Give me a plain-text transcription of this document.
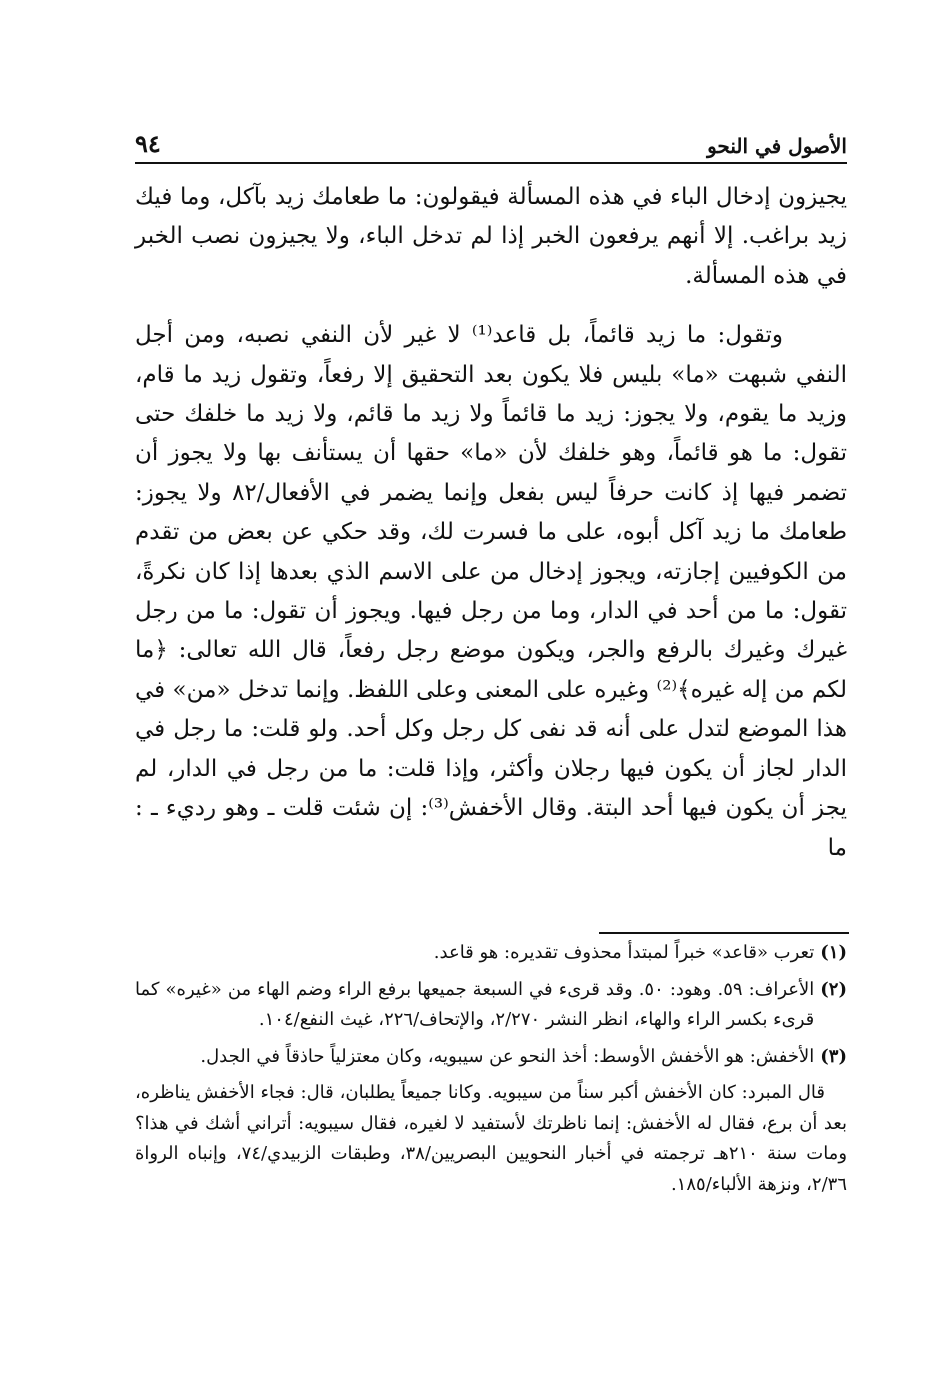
الأصول في النحو
٩٤

يجيزون إدخال الباء في هذه المسألة فيقولون: ما طعامك زيد بآكل، وما فيك زيد براغب. إلا أنهم يرفعون الخبر إذا لم تدخل الباء، ولا يجيزون نصب الخبر في هذه المسألة.

وتقول: ما زيد قائماً، بل قاعد⁽¹⁾ لا غير لأن النفي نصبه، ومن أجل النفي شبهت «ما» بليس فلا يكون بعد التحقيق إلا رفعاً، وتقول زيد ما قام، وزيد ما يقوم، ولا يجوز: زيد ما قائماً ولا زيد ما قائم، ولا زيد ما خلفك حتى تقول: ما هو قائماً، وهو خلفك لأن «ما» حقها أن يستأنف بها ولا يجوز أن تضمر فيها إذ كانت حرفاً ليس بفعل وإنما يضمر في الأفعال/٨٢ ولا يجوز: طعامك ما زيد آكل أبوه، على ما فسرت لك، وقد حكي عن بعض من تقدم من الكوفيين إجازته، ويجوز إدخال من على الاسم الذي بعدها إذا كان نكرةً، تقول: ما من أحد في الدار، وما من رجل فيها. ويجوز أن تقول: ما من رجل غيرك وغيرك بالرفع والجر، ويكون موضع رجل رفعاً، قال الله تعالى: ﴿ما لكم من إله غيره﴾⁽²⁾ وغيره على المعنى وعلى اللفظ. وإنما تدخل «من» في هذا الموضع لتدل على أنه قد نفى كل رجل وكل أحد. ولو قلت: ما رجل في الدار لجاز أن يكون فيها رجلان وأكثر، وإذا قلت: ما من رجل في الدار، لم يجز أن يكون فيها أحد البتة. وقال الأخفش⁽³⁾: إن شئت قلت ـ وهو رديء ـ : ما

(١)
تعرب «قاعد» خبراً لمبتدأ محذوف تقديره: هو قاعد.
(٢)
الأعراف: ٥٩. وهود: ٥٠. وقد قرىء في السبعة جميعها برفع الراء وضم الهاء من «غيره» كما قرىء بكسر الراء والهاء، انظر النشر ٢/٢٧٠، والإتحاف/٢٢٦، غيث النفع/١٠٤.
(٣)
الأخفش: هو الأخفش الأوسط: أخذ النحو عن سيبويه، وكان معتزلياً حاذقاً في الجدل.

قال المبرد: كان الأخفش أكبر سناً من سيبويه. وكانا جميعاً يطلبان، قال: فجاء الأخفش يناظره، بعد أن برع، فقال له الأخفش: إنما ناظرتك لأستفيد لا لغيره، فقال سيبويه: أتراني أشك في هذا؟ ومات سنة ٢١٠هـ ترجمته في أخبار النحويين البصريين/٣٨، وطبقات الزبيدي/٧٤، وإنباه الرواة ٢/٣٦، ونزهة الألباء/١٨٥.
